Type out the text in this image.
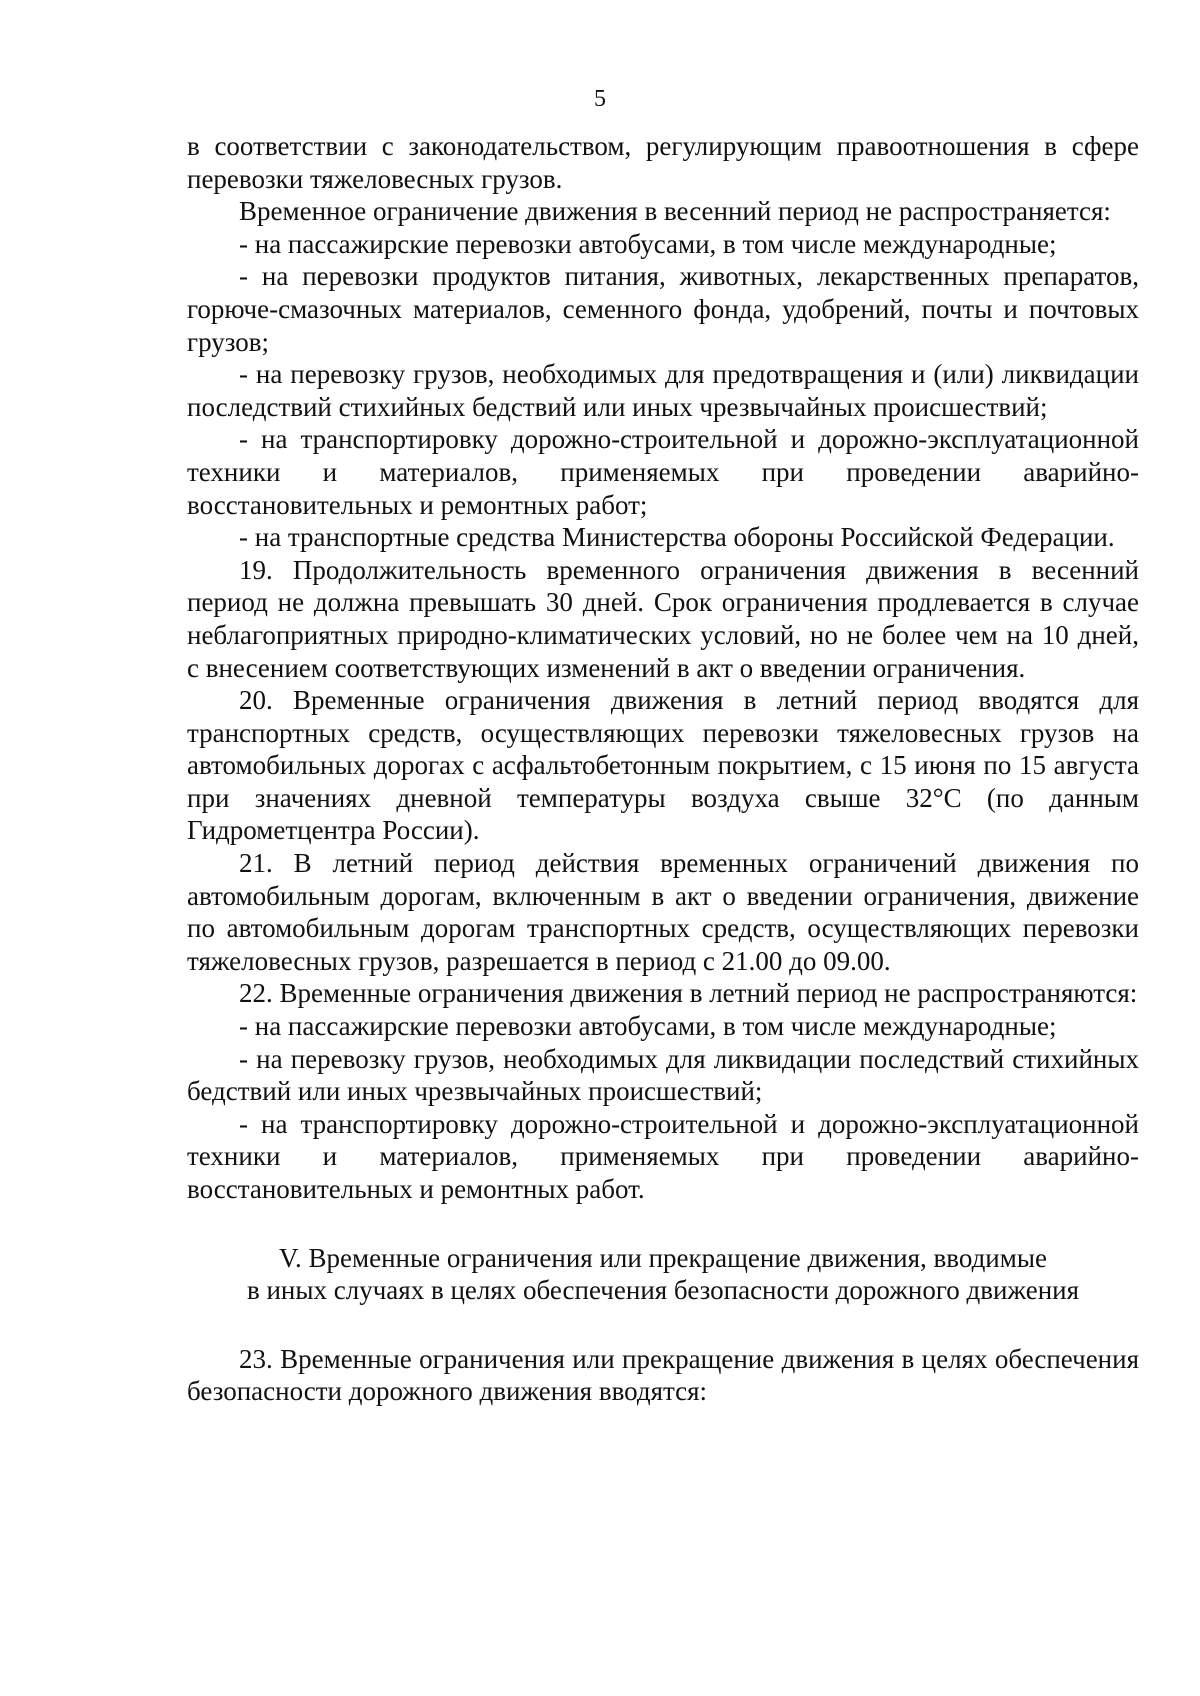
5

в соответствии с законодательством, регулирующим правоотношения в сфере перевозки тяжеловесных грузов.

Временное ограничение движения в весенний период не распространяется:

- на пассажирские перевозки автобусами, в том числе международные;

- на перевозки продуктов питания, животных, лекарственных препаратов, горюче-смазочных материалов, семенного фонда, удобрений, почты и почтовых грузов;

- на перевозку грузов, необходимых для предотвращения и (или) ликвидации последствий стихийных бедствий или иных чрезвычайных происшествий;

- на транспортировку дорожно-строительной и дорожно-эксплуатационной техники и материалов, применяемых при проведении аварийно-восстановительных и ремонтных работ;

- на транспортные средства Министерства обороны Российской Федерации.

19. Продолжительность временного ограничения движения в весенний период не должна превышать 30 дней. Срок ограничения продлевается в случае неблагоприятных природно-климатических условий, но не более чем на 10 дней, с внесением соответствующих изменений в акт о введении ограничения.

20. Временные ограничения движения в летний период вводятся для транспортных средств, осуществляющих перевозки тяжеловесных грузов на автомобильных дорогах с асфальтобетонным покрытием, с 15 июня по 15 августа при значениях дневной температуры воздуха свыше 32°С (по данным Гидрометцентра России).

21. В летний период действия временных ограничений движения по автомобильным дорогам, включенным в акт о введении ограничения, движение по автомобильным дорогам транспортных средств, осуществляющих перевозки тяжеловесных грузов, разрешается в период с 21.00 до 09.00.

22. Временные ограничения движения в летний период не распространяются:

- на пассажирские перевозки автобусами, в том числе международные;

- на перевозку грузов, необходимых для ликвидации последствий стихийных бедствий или иных чрезвычайных происшествий;

- на транспортировку дорожно-строительной и дорожно-эксплуатационной техники и материалов, применяемых при проведении аварийно-восстановительных и ремонтных работ.

V. Временные ограничения или прекращение движения, вводимые
в иных случаях в целях обеспечения безопасности дорожного движения

23. Временные ограничения или прекращение движения в целях обеспечения безопасности дорожного движения вводятся:
